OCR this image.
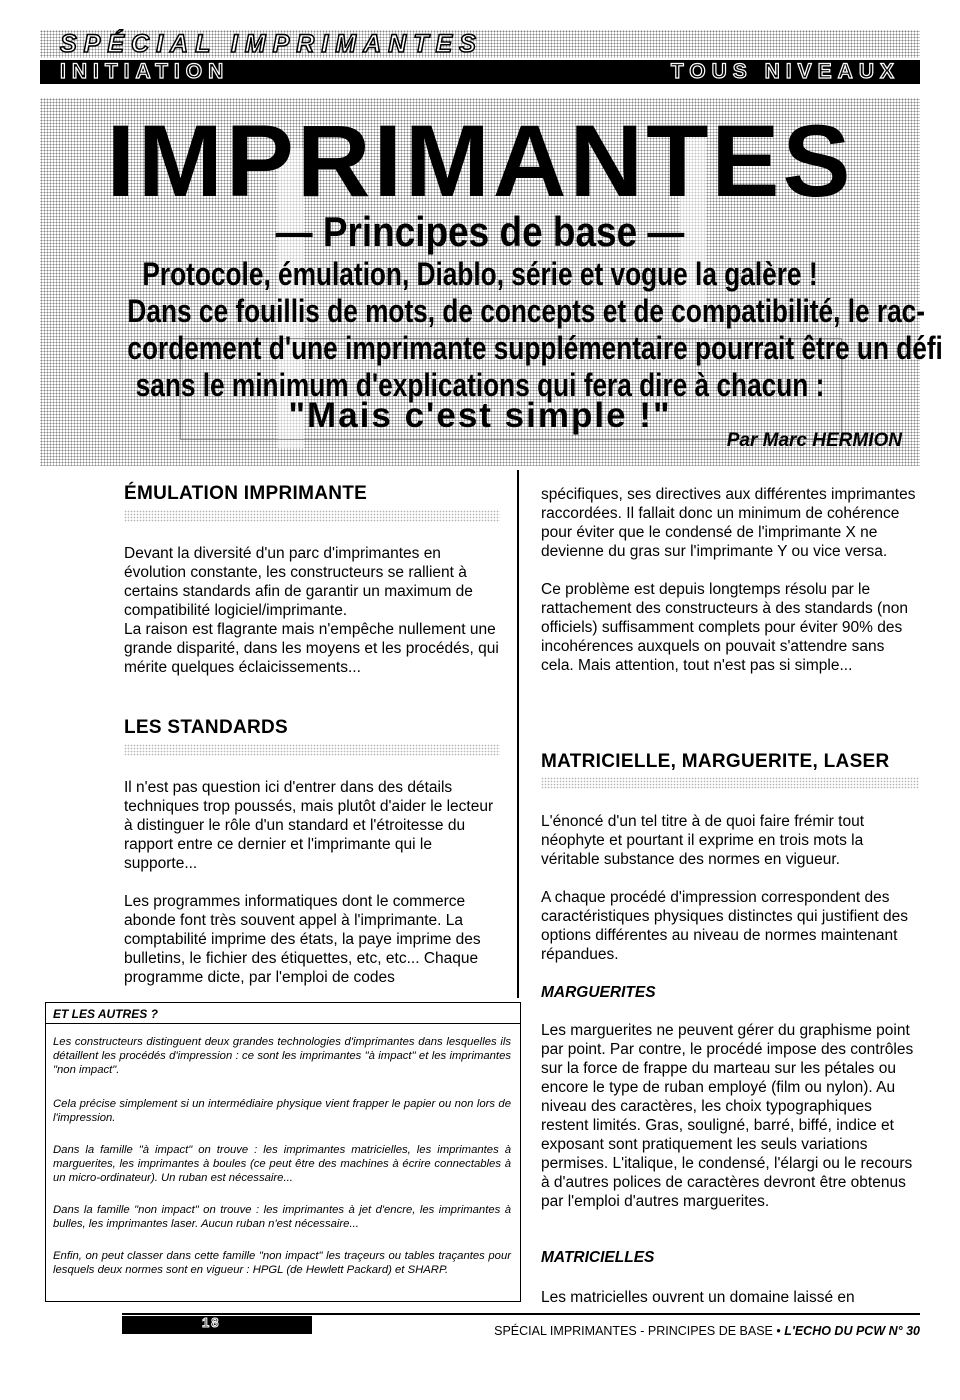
SPÉCIAL IMPRIMANTES
INITIATION	TOUS NIVEAUX
IMPRIMANTES
— Principes de base —
Protocole, émulation, Diablo, série et vogue la galère !
Dans ce fouillis de mots, de concepts et de compatibilité, le rac-
cordement d'une imprimante supplémentaire pourrait être un défi
sans le minimum d'explications qui fera dire à chacun :
"Mais c'est simple !"
Par Marc HERMION
ÉMULATION IMPRIMANTE

Devant la diversité d'un parc d'imprimantes en évolution constante, les constructeurs se rallient à certains standards afin de garantir un maximum de compatibilité logiciel/imprimante.

La raison est flagrante mais n'empêche nullement une grande disparité, dans les moyens et les procédés, qui mérite quelques éclaicissements...

LES STANDARDS

Il n'est pas question ici d'entrer dans des détails techniques trop poussés, mais plutôt d'aider le lecteur à distinguer le rôle d'un standard et l'étroitesse du rapport entre ce dernier et l'imprimante qui le supporte...

Les programmes informatiques dont le commerce abonde font très souvent appel à l'imprimante. La comptabilité imprime des états, la paye imprime des bulletins, le fichier des étiquettes, etc, etc... Chaque programme dicte, par l'emploi de codes

ET LES AUTRES ?

Les constructeurs distinguent deux grandes technologies d'imprimantes dans lesquelles ils détaillent les procédés d'impression : ce sont les imprimantes "à impact" et les imprimantes "non impact".

Cela précise simplement si un intermédiaire physique vient frapper le papier ou non lors de l'impression.

Dans la famille "à impact" on trouve : les imprimantes matricielles, les imprimantes à marguerites, les imprimantes à boules (ce peut être des machines à écrire connectables à un micro-ordinateur). Un ruban est nécessaire...

Dans la famille "non impact" on trouve : les imprimantes à jet d'encre, les imprimantes à bulles, les imprimantes laser. Aucun ruban n'est nécessaire...

Enfin, on peut classer dans cette famille "non impact" les traçeurs ou tables traçantes pour lesquels deux normes sont en vigueur : HPGL (de Hewlett Packard) et SHARP.

spécifiques, ses directives aux différentes imprimantes raccordées. Il fallait donc un minimum de cohérence pour éviter que le condensé de l'imprimante X ne devienne du gras sur l'imprimante Y ou vice versa.

Ce problème est depuis longtemps résolu par le rattachement des constructeurs à des standards (non officiels) suffisamment complets pour éviter 90% des incohérences auxquels on pouvait s'attendre sans cela. Mais attention, tout n'est pas si simple...

MATRICIELLE, MARGUERITE, LASER

L'énoncé d'un tel titre à de quoi faire frémir tout néophyte et pourtant il exprime en trois mots la véritable substance des normes en vigueur.

A chaque procédé d'impression correspondent des caractéristiques physiques distinctes qui justifient des options différentes au niveau de normes maintenant répandues.

MARGUERITES

Les marguerites ne peuvent gérer du graphisme point par point. Par contre, le procédé impose des contrôles sur la force de frappe du marteau sur les pétales ou encore le type de ruban employé (film ou nylon). Au niveau des caractères, les choix typographiques restent limités. Gras, souligné, barré, biffé, indice et exposant sont pratiquement les seuls variations permises. L'italique, le condensé, l'élargi ou le recours à d'autres polices de caractères devront être obtenus par l'emploi d'autres marguerites.

MATRICIELLES

Les matricielles ouvrent un domaine laissé en

18
SPÉCIAL IMPRIMANTES - PRINCIPES DE BASE • L'ECHO DU PCW N° 30
